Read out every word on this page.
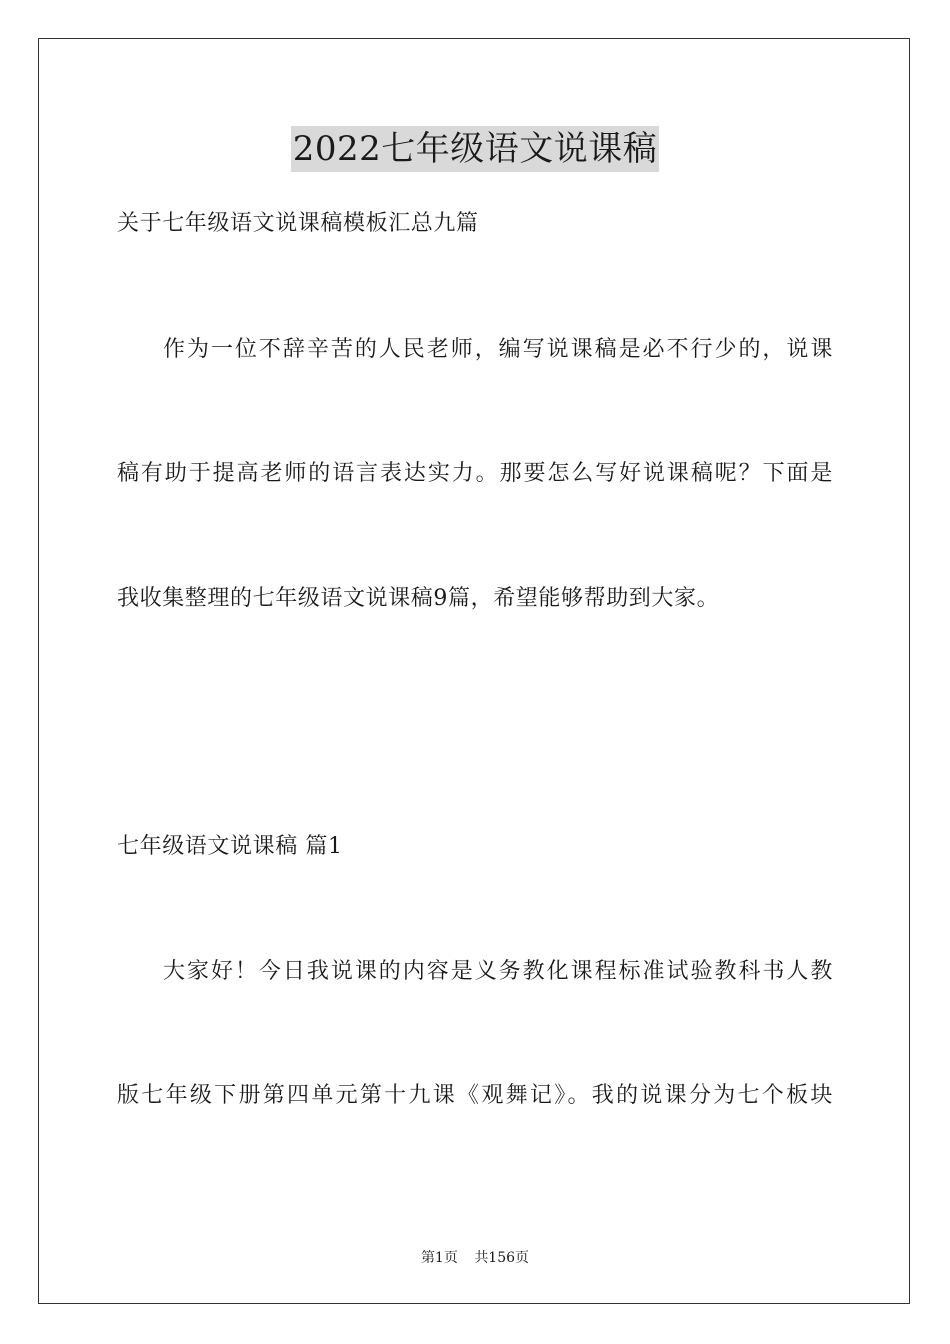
2022七年级语文说课稿
关于七年级语文说课稿模板汇总九篇
作为一位不辞辛苦的人民老师，编写说课稿是必不行少的，说课
稿有助于提高老师的语言表达实力。那要怎么写好说课稿呢？下面是
我收集整理的七年级语文说课稿9篇，希望能够帮助到大家。
七年级语文说课稿 篇1
大家好！今日我说课的内容是义务教化课程标准试验教科书人教
版七年级下册第四单元第十九课《观舞记》。我的说课分为七个板块
第1页 共156页
